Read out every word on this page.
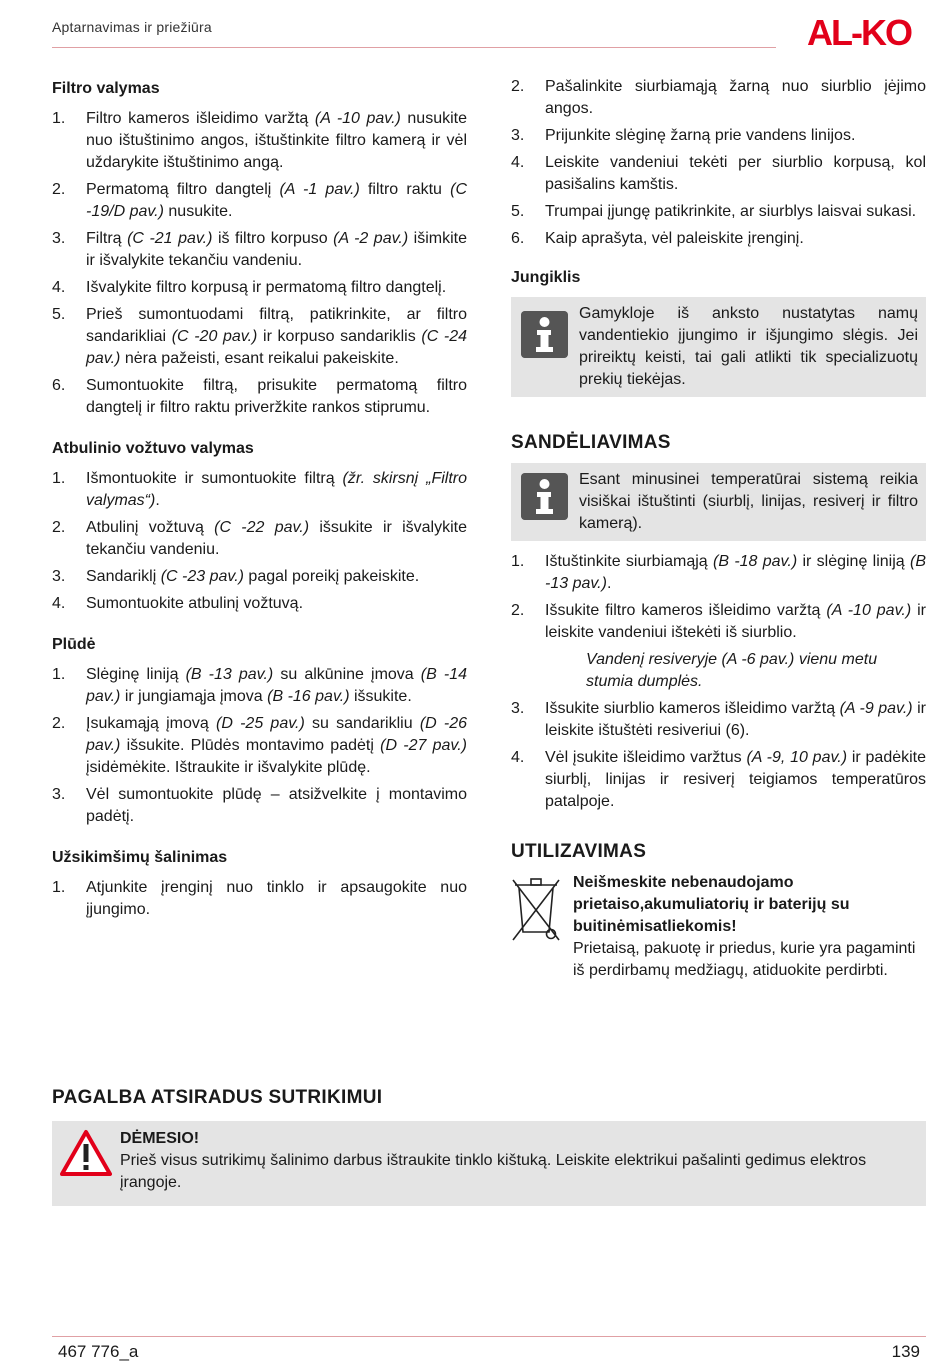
Aptarnavimas ir priežiūra	AL-KO
Filtro valymas
1. Filtro kameros išleidimo varžtą (A -10 pav.) nusukite nuo ištuštinimo angos, ištuštinkite filtro kamerą ir vėl uždarykite ištuštinimo angą.
2. Permatomą filtro dangtelį (A -1 pav.) filtro raktu (C -19/D pav.) nusukite.
3. Filtrą (C -21 pav.) iš filtro korpuso (A -2 pav.) išimkite ir išvalykite tekančiu vandeniu.
4. Išvalykite filtro korpusą ir permatomą filtro dangtelį.
5. Prieš sumontuodami filtrą, patikrinkite, ar filtro sandarikliai (C -20 pav.) ir korpuso sandariklis (C -24 pav.) nėra pažeisti, esant reikalui pakeiskite.
6. Sumontuokite filtrą, prisukite permatomą filtro dangtelį ir filtro raktu priveržkite rankos stiprumu.
Atbulinio vožtuvo valymas
1. Išmontuokite ir sumontuokite filtrą (žr. skirsnį „Filtro valymas“).
2. Atbulinį vožtuvą (C -22 pav.) išsukite ir išvalykite tekančiu vandeniu.
3. Sandariklį (C -23 pav.) pagal poreikį pakeiskite.
4. Sumontuokite atbulinį vožtuvą.
Plūdė
1. Slėginę liniją (B -13 pav.) su alkūnine įmova (B -14 pav.) ir jungiamąja įmova (B -16 pav.) išsukite.
2. Įsukamąją įmovą (D -25 pav.) su sandarikliu (D -26 pav.) išsukite. Plūdės montavimo padėtį (D -27 pav.) įsidėmėkite. Ištraukite ir išvalykite plūdę.
3. Vėl sumontuokite plūdę – atsižvelkite į montavimo padėtį.
Užsikimšimų šalinimas
1. Atjunkite įrenginį nuo tinklo ir apsaugokite nuo įjungimo.
2. Pašalinkite siurbiamąją žarną nuo siurblio įėjimo angos.
3. Prijunkite slėginę žarną prie vandens linijos.
4. Leiskite vandeniui tekėti per siurblio korpusą, kol pasišalins kamštis.
5. Trumpai įjungę patikrinkite, ar siurblys laisvai sukasi.
6. Kaip aprašyta, vėl paleiskite įrenginį.
Jungiklis
Gamykloje iš anksto nustatytas namų vandentiekio įjungimo ir išjungimo slėgis. Jei prireiktų keisti, tai gali atlikti tik specializuotų prekių tiekėjas.
SANDĖLIAVIMAS
Esant minusinei temperatūrai sistemą reikia visiškai ištuštinti (siurblį, linijas, resiverį ir filtro kamerą).
1. Ištuštinkite siurbiamąją (B -18 pav.) ir slėginę liniją (B -13 pav.).
2. Išsukite filtro kameros išleidimo varžtą (A -10 pav.) ir leiskite vandeniui ištekėti iš siurblio.
Vandenį resiveryje (A -6 pav.) vienu metu stumia dumplės.
3. Išsukite siurblio kameros išleidimo varžtą (A -9 pav.) ir leiskite ištuštėti resiveriui (6).
4. Vėl įsukite išleidimo varžtus (A -9, 10 pav.) ir padėkite siurblį, linijas ir resiverį teigiamos temperatūros patalpoje.
UTILIZAVIMAS
Neišmeskite nebenaudojamo prietaiso,akumuliatorių ir baterijų su buitinėmisatliekomis!
Prietaisą, pakuotę ir priedus, kurie yra pagaminti iš perdirbamų medžiagų, atiduokite perdirbti.
PAGALBA ATSIRADUS SUTRIKIMUI
DĖMESIO!
Prieš visus sutrikimų šalinimo darbus ištraukite tinklo kištuką. Leiskite elektrikui pašalinti gedimus elektros įrangoje.
467 776_a	139
